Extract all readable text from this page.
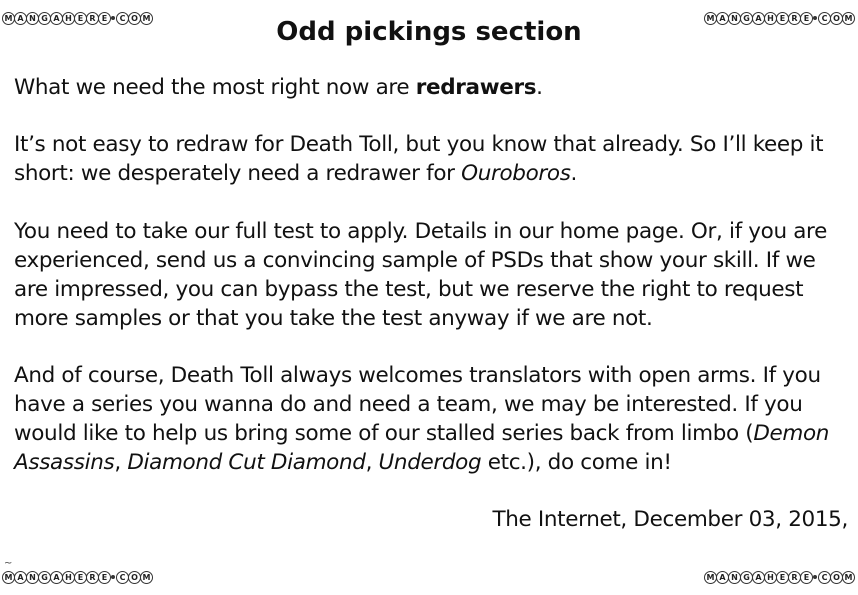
M A N G A H E R E	C O M	M A N G A H E R E	C O M
~
M A N G A H E R E	C O M	M A N G A H E R E	C O M
Odd pickings section

What we need the most right now are redrawers.

It’s not easy to redraw for Death Toll, but you know that already. So I’ll keep it short: we desperately need a redrawer for Ouroboros.

You need to take our full test to apply. Details in our home page. Or, if you are experienced, send us a convincing sample of PSDs that show your skill. If we are impressed, you can bypass the test, but we reserve the right to request more samples or that you take the test anyway if we are not.

And of course, Death Toll always welcomes translators with open arms. If you have a series you wanna do and need a team, we may be interested. If you would like to help us bring some of our stalled series back from limbo (Demon Assassins, Diamond Cut Diamond, Underdog etc.), do come in!

The Internet, December 03, 2015,
